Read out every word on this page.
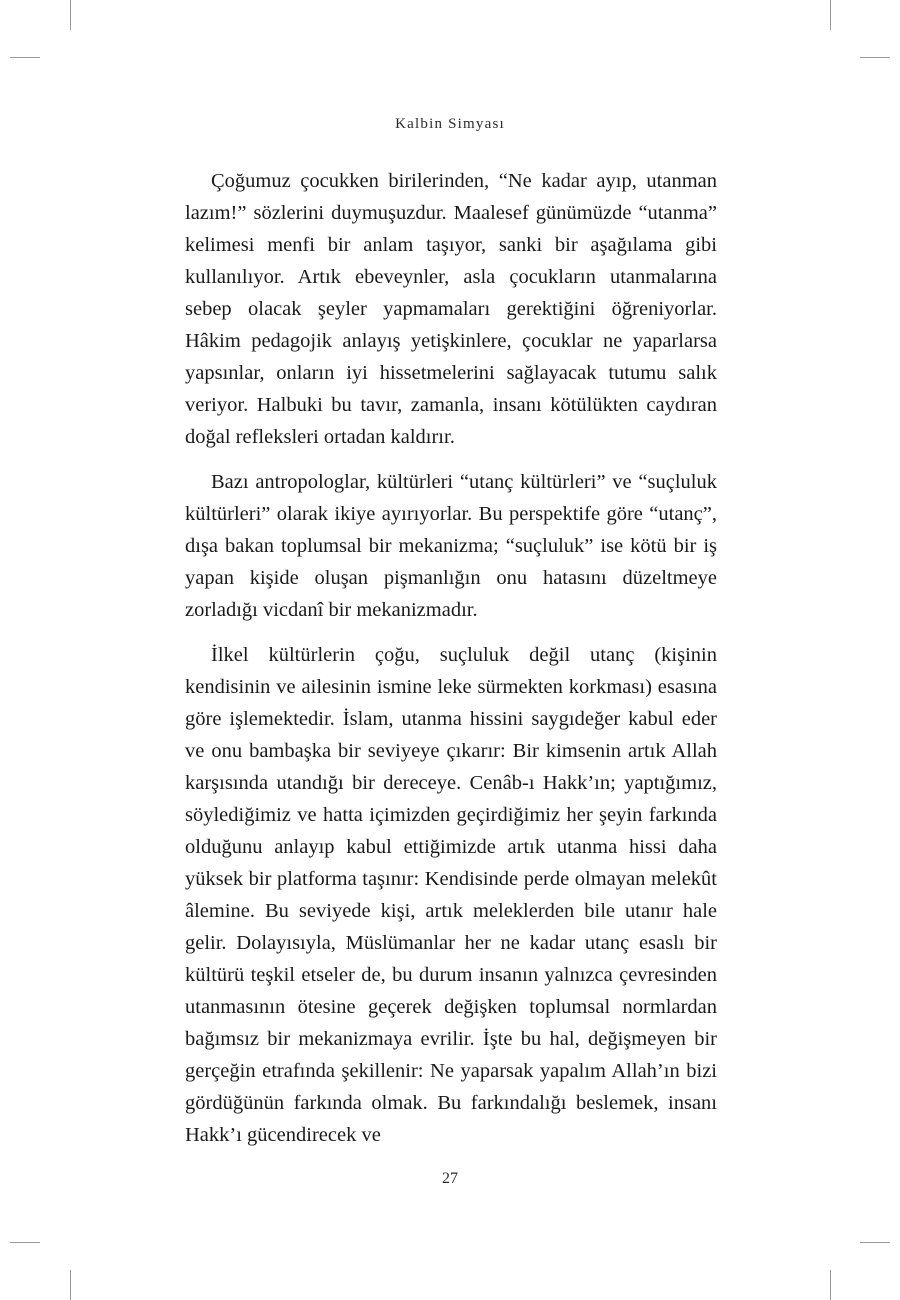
Kalbin Simyası

Çoğumuz çocukken birilerinden, “Ne kadar ayıp, utanman lazım!” sözlerini duymuşuzdur. Maalesef günümüzde “utanma” kelimesi menfi bir anlam taşıyor, sanki bir aşağılama gibi kullanılıyor. Artık ebeveynler, asla çocukların utanmalarına sebep olacak şeyler yapmamaları gerektiğini öğreniyorlar. Hâkim pedagojik anlayış yetişkinlere, çocuklar ne yaparlarsa yapsınlar, onların iyi hissetmelerini sağlayacak tutumu salık veriyor. Halbuki bu tavır, zamanla, insanı kötülükten caydıran doğal refleksleri ortadan kaldırır.

Bazı antropologlar, kültürleri “utanç kültürleri” ve “suçluluk kültürleri” olarak ikiye ayırıyorlar. Bu perspektife göre “utanç”, dışa bakan toplumsal bir mekanizma; “suçluluk” ise kötü bir iş yapan kişide oluşan pişmanlığın onu hatasını düzeltmeye zorladığı vicdanî bir mekanizmadır.

İlkel kültürlerin çoğu, suçluluk değil utanç (kişinin kendisinin ve ailesinin ismine leke sürmekten korkması) esasına göre işlemektedir. İslam, utanma hissini saygıdeğer kabul eder ve onu bambaşka bir seviyeye çıkarır: Bir kimsenin artık Allah karşısında utandığı bir dereceye. Cenâb-ı Hakk’ın; yaptığımız, söylediğimiz ve hatta içimizden geçirdiğimiz her şeyin farkında olduğunu anlayıp kabul ettiğimizde artık utanma hissi daha yüksek bir platforma taşınır: Kendisinde perde olmayan melekût âlemine. Bu seviyede kişi, artık meleklerden bile utanır hale gelir. Dolayısıyla, Müslümanlar her ne kadar utanç esaslı bir kültürü teşkil etseler de, bu durum insanın yalnızca çevresinden utanmasının ötesine geçerek değişken toplumsal normlardan bağımsız bir mekanizmaya evrilir. İşte bu hal, değişmeyen bir gerçeğin etrafında şekillenir: Ne yaparsak yapalım Allah’ın bizi gördüğünün farkında olmak. Bu farkındalığı beslemek, insanı Hakk’ı gücendirecek ve

27
